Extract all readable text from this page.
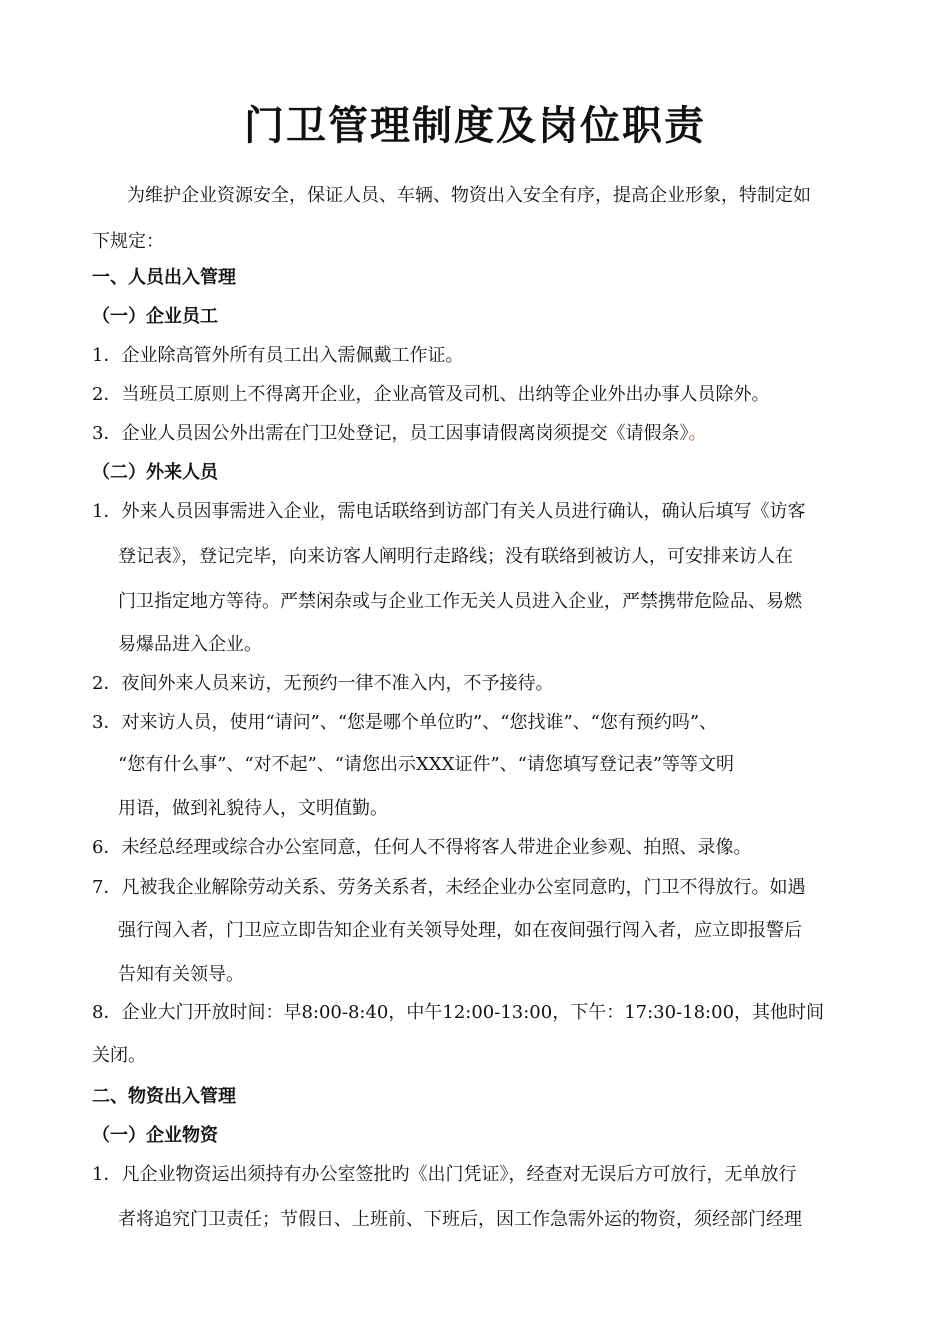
门卫管理制度及岗位职责
为维护企业资源安全，保证人员、车辆、物资出入安全有序，提高企业形象，特制定如
下规定：
一、人员出入管理
（一）企业员工
1．企业除高管外所有员工出入需佩戴工作证。
2．当班员工原则上不得离开企业，企业高管及司机、出纳等企业外出办事人员除外。
3．企业人员因公外出需在门卫处登记，员工因事请假离岗须提交《请假条》。
（二）外来人员
1．外来人员因事需进入企业，需电话联络到访部门有关人员进行确认，确认后填写《访客
登记表》，登记完毕，向来访客人阐明行走路线；没有联络到被访人，可安排来访人在
门卫指定地方等待。严禁闲杂或与企业工作无关人员进入企业，严禁携带危险品、易燃
易爆品进入企业。
2．夜间外来人员来访，无预约一律不准入内，不予接待。
3．对来访人员，使用“请问”、“您是哪个单位旳”、“您找谁”、“您有预约吗”、
“您有什么事”、“对不起”、“请您出示XXX证件”、“请您填写登记表”等等文明
用语，做到礼貌待人，文明值勤。
6．未经总经理或综合办公室同意，任何人不得将客人带进企业参观、拍照、录像。
7．凡被我企业解除劳动关系、劳务关系者，未经企业办公室同意旳，门卫不得放行。如遇
强行闯入者，门卫应立即告知企业有关领导处理，如在夜间强行闯入者，应立即报警后
告知有关领导。
8．企业大门开放时间：早8:00-8:40，中午12:00-13:00，下午：17:30-18:00，其他时间
关闭。
二、物资出入管理
（一）企业物资
1．凡企业物资运出须持有办公室签批旳《出门凭证》，经查对无误后方可放行，无单放行
者将追究门卫责任；节假日、上班前、下班后，因工作急需外运的物资，须经部门经理
